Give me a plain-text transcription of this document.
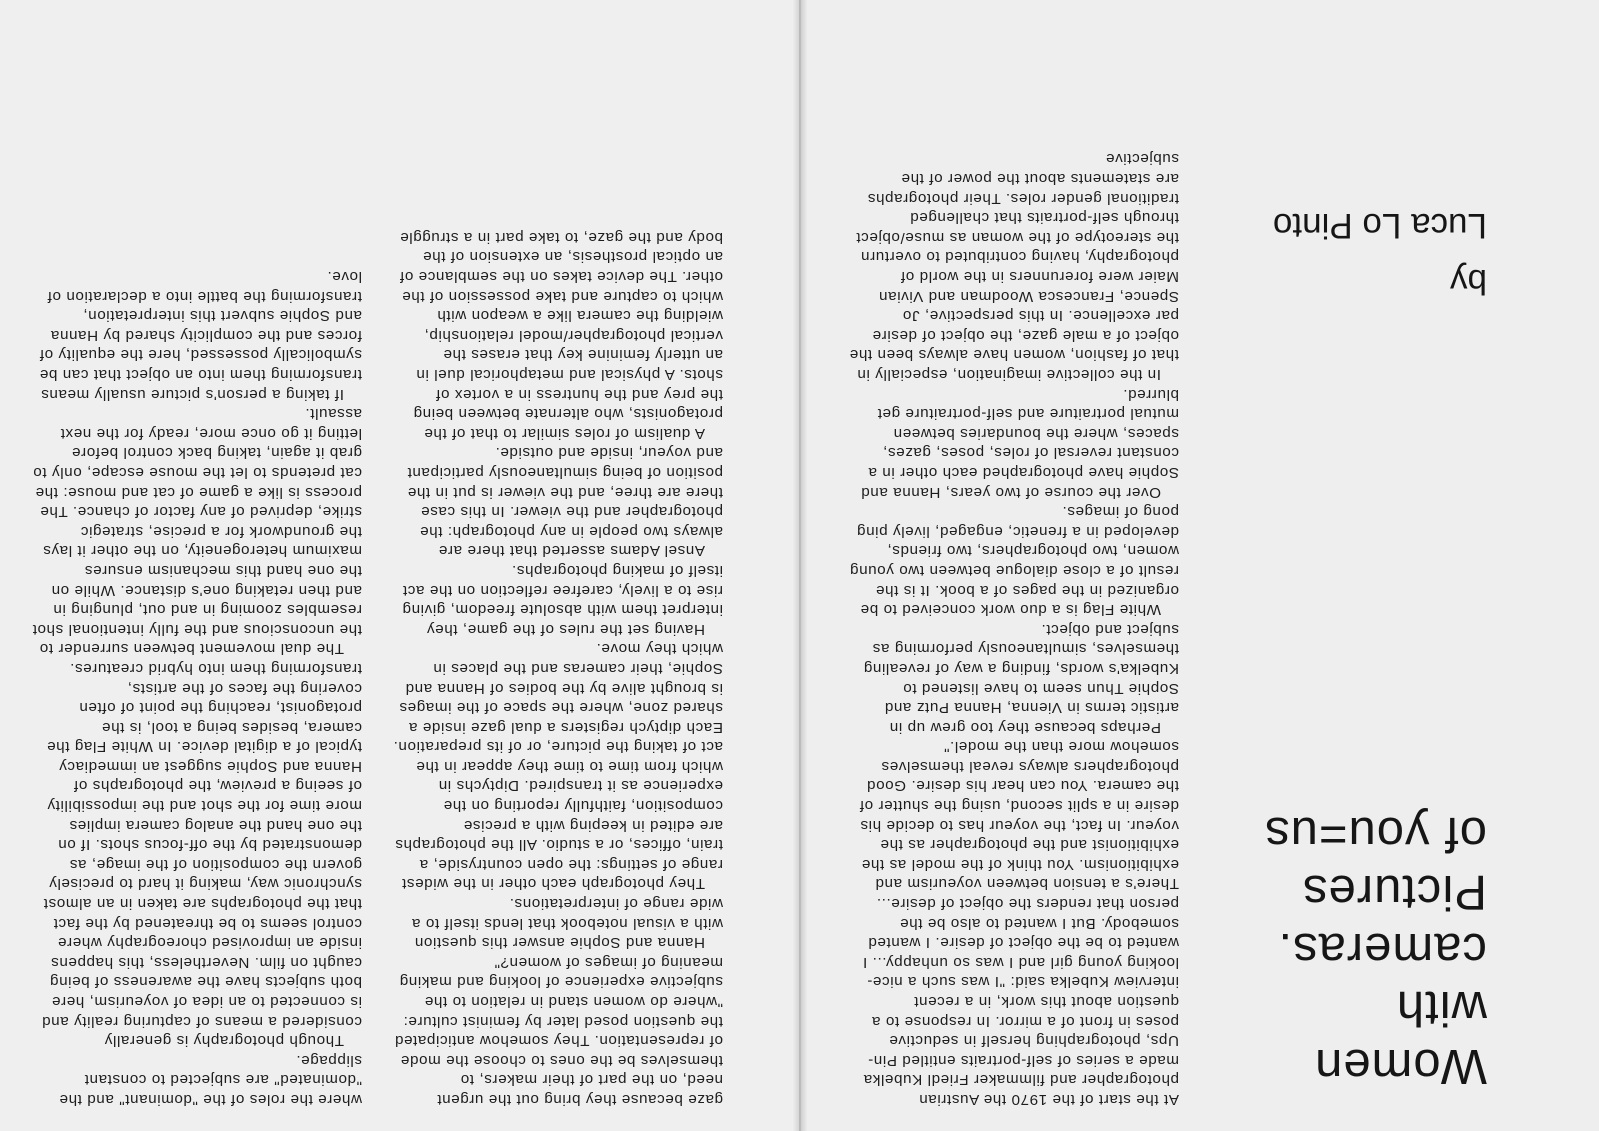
Women
with
cameras.
Pictures
of you=us
by
Luca Lo Pinto

At the start of the 1970 the Austrian photographer and filmmaker Friedl Kubelka made a series of self-portraits entitled Pin-Ups, photographing herself in seductive poses in front of a mirror. In response to a question about this work, in a recent interview Kubelka said: "I was such a nice-looking young girl and I was so unhappy... I wanted to be the object of desire. I wanted somebody. But I wanted to also be the person that renders the object of desire... There's a tension between voyeurism and exhibitionism. You think of the model as the exhibitionist and the photographer as the voyeur. In fact, the voyeur has to decide his desire in a split second, using the shutter of the camera. You can hear his desire. Good photographers always reveal themselves somehow more than the model."

Perhaps because they too grew up in artistic terms in Vienna, Hanna Putz and Sophie Thun seem to have listened to Kubelka's words, finding a way of revealing themselves, simultaneously performing as subject and object.

White Flag is a duo work conceived to be organized in the pages of a book. It is the result of a close dialogue between two young women, two photographers, two friends, developed in a frenetic, engaged, lively ping pong of images.

Over the course of two years, Hanna and Sophie have photographed each other in a constant reversal of roles, poses, gazes, spaces, where the boundaries between mutual portraiture and self-portraiture get blurred.

In the collective imagination, especially in that of fashion, women have always been the object of a male gaze, the object of desire par excellence. In this perspective, Jo Spence, Francesca Woodman and Vivian Maier were forerunners in the world of photography, having contributed to overturn the stereotype of the woman as muse/object through self-portraits that challenged traditional gender roles. Their photographs are statements about the power of the subjective

gaze because they bring out the urgent need, on the part of their makers, to themselves be the ones to choose the mode of representation. They somehow anticipated the question posed later by feminist culture: "where do women stand in relation to the subjective experience of looking and making meaning of images of women?"

Hanna and Sophie answer this question with a visual notebook that lends itself to a wide range of interpretations.

They photograph each other in the widest range of settings: the open countryside, a train, offices, or a studio. All the photographs are edited in keeping with a precise composition, faithfully reporting on the experience as it transpired. Diptychs in which from time to time they appear in the act of taking the picture, or of its preparation. Each diptych registers a dual gaze inside a shared zone, where the space of the images is brought alive by the bodies of Hanna and Sophie, their cameras and the places in which they move.

Having set the rules of the game, they interpret them with absolute freedom, giving rise to a lively, carefree reflection on the act itself of making photographs.

Ansel Adams asserted that there are always two people in any photograph: the photographer and the viewer. In this case there are three, and the viewer is put in the position of being simultaneously participant and voyeur, inside and outside.

A dualism of roles similar to that of the protagonists, who alternate between being the prey and the huntress in a vortex of shots. A physical and metaphorical duel in an utterly feminine key that erases the vertical photographer/model relationship, wielding the camera like a weapon with which to capture and take possession of the other. The device takes on the semblance of an optical prosthesis, an extension of the body and the gaze, to take part in a struggle

where the roles of the "dominant" and the "dominated" are subjected to constant slippage.

Though photography is generally considered a means of capturing reality and is connected to an idea of voyeurism, here both subjects have the awareness of being caught on film. Nevertheless, this happens inside an improvised choreography where control seems to be threatened by the fact that the photographs are taken in an almost synchronic way, making it hard to precisely govern the composition of the image, as demonstrated by the off-focus shots. If on the one hand the analog camera implies more time for the shot and the impossibility of seeing a preview, the photographs of Hanna and Sophie suggest an immediacy typical of a digital device. In White Flag the camera, besides being a tool, is the protagonist, reaching the point of often covering the faces of the artists, transforming them into hybrid creatures.

The dual movement between surrender to the unconscious and the fully intentional shot resembles zooming in and out, plunging in and then retaking one's distance. While on the one hand this mechanism ensures maximum heterogeneity, on the other it lays the groundwork for a precise, strategic strike, deprived of any factor of chance. The process is like a game of cat and mouse: the cat pretends to let the mouse escape, only to grab it again, taking back control before letting it go once more, ready for the next assault.

If taking a person's picture usually means transforming them into an object that can be symbolically possessed, here the equality of forces and the complicity shared by Hanna and Sophie subvert this interpretation, transforming the battle into a declaration of love.
